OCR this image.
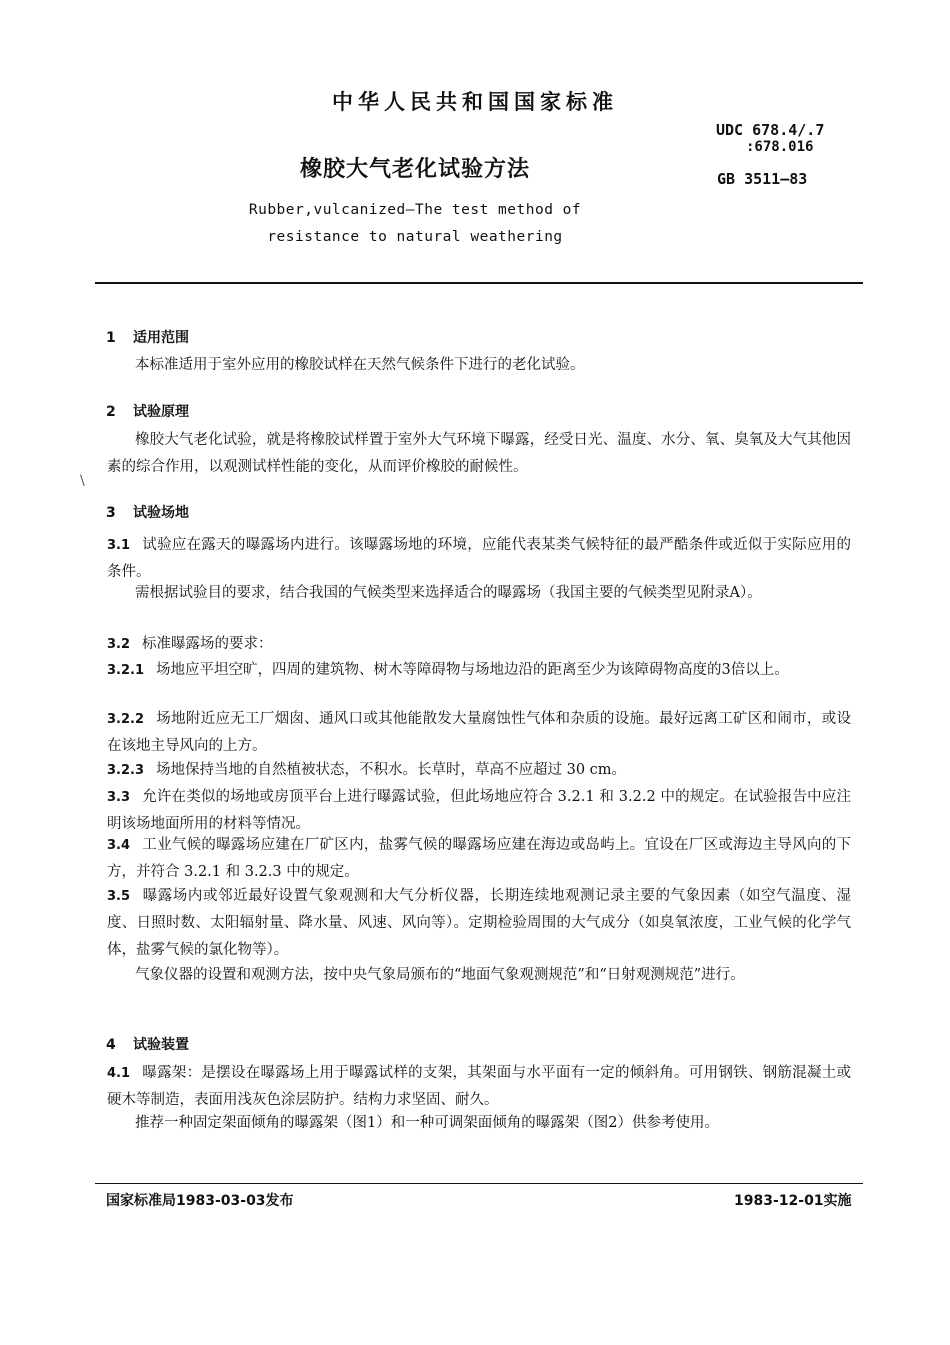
中华人民共和国国家标准
UDC 678.4/.7
:678.016
橡胶大气老化试验方法	GB 3511—83
Rubber,vulcanized—The test method of
resistance to natural weathering
1 适用范围
本标准适用于室外应用的橡胶试样在天然气候条件下进行的老化试验。
2 试验原理
橡胶大气老化试验，就是将橡胶试样置于室外大气环境下曝露，经受日光、温度、水分、氧、臭氧及大气其他因素的综合作用，以观测试样性能的变化，从而评价橡胶的耐候性。
\
3 试验场地
3.1 试验应在露天的曝露场内进行。该曝露场地的环境，应能代表某类气候特征的最严酷条件或近似于实际应用的条件。
需根据试验目的要求，结合我国的气候类型来选择适合的曝露场（我国主要的气候类型见附录A）。
3.2 标准曝露场的要求：
3.2.1 场地应平坦空旷，四周的建筑物、树木等障碍物与场地边沿的距离至少为该障碍物高度的3倍以上。
3.2.2 场地附近应无工厂烟囱、通风口或其他能散发大量腐蚀性气体和杂质的设施。最好远离工矿区和闹市，或设在该地主导风向的上方。
3.2.3 场地保持当地的自然植被状态，不积水。长草时，草高不应超过 30 cm。
3.3 允许在类似的场地或房顶平台上进行曝露试验，但此场地应符合 3.2.1 和 3.2.2 中的规定。在试验报告中应注明该场地面所用的材料等情况。
3.4 工业气候的曝露场应建在厂矿区内，盐雾气候的曝露场应建在海边或岛屿上。宜设在厂区或海边主导风向的下方，并符合 3.2.1 和 3.2.3 中的规定。
3.5 曝露场内或邻近最好设置气象观测和大气分析仪器，长期连续地观测记录主要的气象因素（如空气温度、湿度、日照时数、太阳辐射量、降水量、风速、风向等）。定期检验周围的大气成分（如臭氧浓度，工业气候的化学气体，盐雾气候的氯化物等）。
气象仪器的设置和观测方法，按中央气象局颁布的“地面气象观测规范”和“日射观测规范”进行。
4 试验装置
4.1 曝露架：是摆设在曝露场上用于曝露试样的支架，其架面与水平面有一定的倾斜角。可用钢铁、钢筋混凝土或硬木等制造，表面用浅灰色涂层防护。结构力求坚固、耐久。
推荐一种固定架面倾角的曝露架（图1）和一种可调架面倾角的曝露架（图2）供参考使用。
国家标准局1983-03-03发布	1983-12-01实施
